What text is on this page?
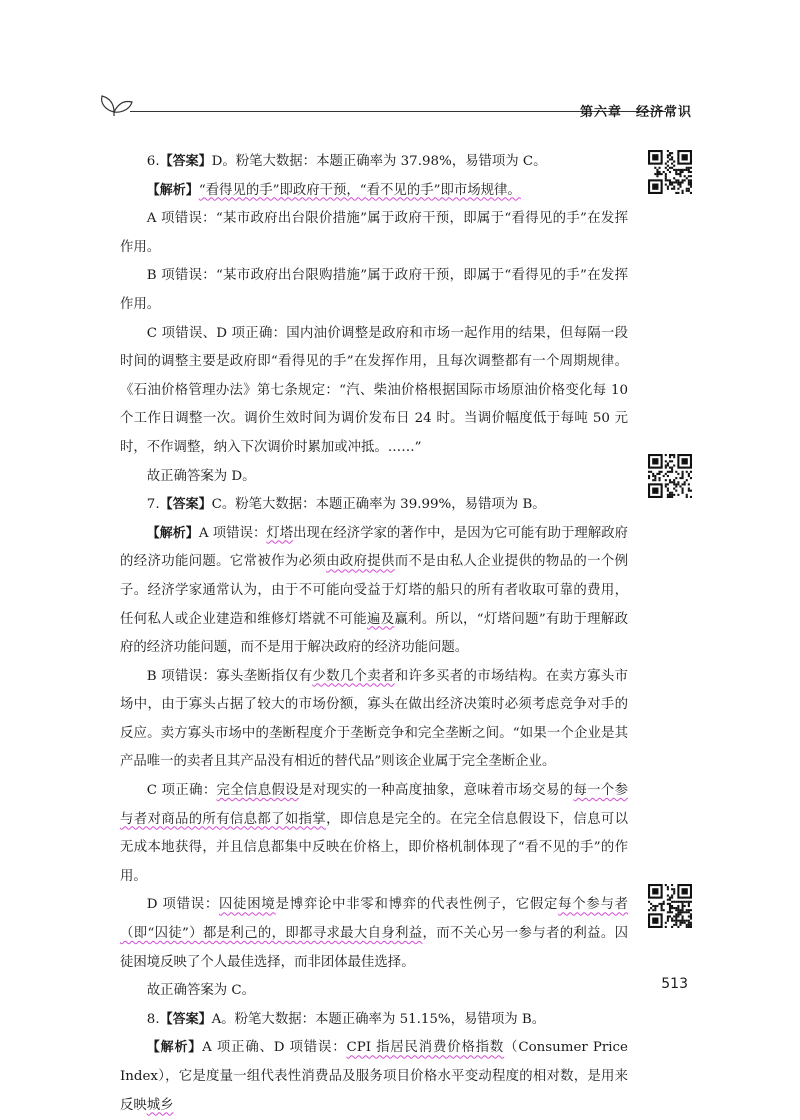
第六章 经济常识

6.【答案】D。粉笔大数据：本题正确率为 37.98%，易错项为 C。

【解析】“看得见的手”即政府干预，“看不见的手”即市场规律。

A 项错误：“某市政府出台限价措施”属于政府干预，即属于“看得见的手”在发挥作用。

B 项错误：“某市政府出台限购措施”属于政府干预，即属于“看得见的手”在发挥作用。

C 项错误、D 项正确：国内油价调整是政府和市场一起作用的结果，但每隔一段时间的调整主要是政府即“看得见的手”在发挥作用，且每次调整都有一个周期规律。《石油价格管理办法》第七条规定：“汽、柴油价格根据国际市场原油价格变化每 10 个工作日调整一次。调价生效时间为调价发布日 24 时。当调价幅度低于每吨 50 元时，不作调整，纳入下次调价时累加或冲抵。……”

故正确答案为 D。

7.【答案】C。粉笔大数据：本题正确率为 39.99%，易错项为 B。

【解析】A 项错误：灯塔出现在经济学家的著作中，是因为它可能有助于理解政府的经济功能问题。它常被作为必须由政府提供而不是由私人企业提供的物品的一个例子。经济学家通常认为，由于不可能向受益于灯塔的船只的所有者收取可靠的费用，任何私人或企业建造和维修灯塔就不可能遍及赢利。所以，“灯塔问题”有助于理解政府的经济功能问题，而不是用于解决政府的经济功能问题。

B 项错误：寡头垄断指仅有少数几个卖者和许多买者的市场结构。在卖方寡头市场中，由于寡头占据了较大的市场份额，寡头在做出经济决策时必须考虑竞争对手的反应。卖方寡头市场中的垄断程度介于垄断竞争和完全垄断之间。“如果一个企业是其产品唯一的卖者且其产品没有相近的替代品”则该企业属于完全垄断企业。

C 项正确：完全信息假设是对现实的一种高度抽象，意味着市场交易的每一个参与者对商品的所有信息都了如指掌，即信息是完全的。在完全信息假设下，信息可以无成本地获得，并且信息都集中反映在价格上，即价格机制体现了“看不见的手”的作用。

D 项错误：囚徒困境是博弈论中非零和博弈的代表性例子，它假定每个参与者（即“囚徒”）都是利己的，即都寻求最大自身利益，而不关心另一参与者的利益。囚徒困境反映了个人最佳选择，而非团体最佳选择。

故正确答案为 C。

8.【答案】A。粉笔大数据：本题正确率为 51.15%，易错项为 B。

【解析】A 项正确、D 项错误：CPI 指居民消费价格指数（Consumer Price Index），它是度量一组代表性消费品及服务项目价格水平变动程度的相对数，是用来反映城乡

513
